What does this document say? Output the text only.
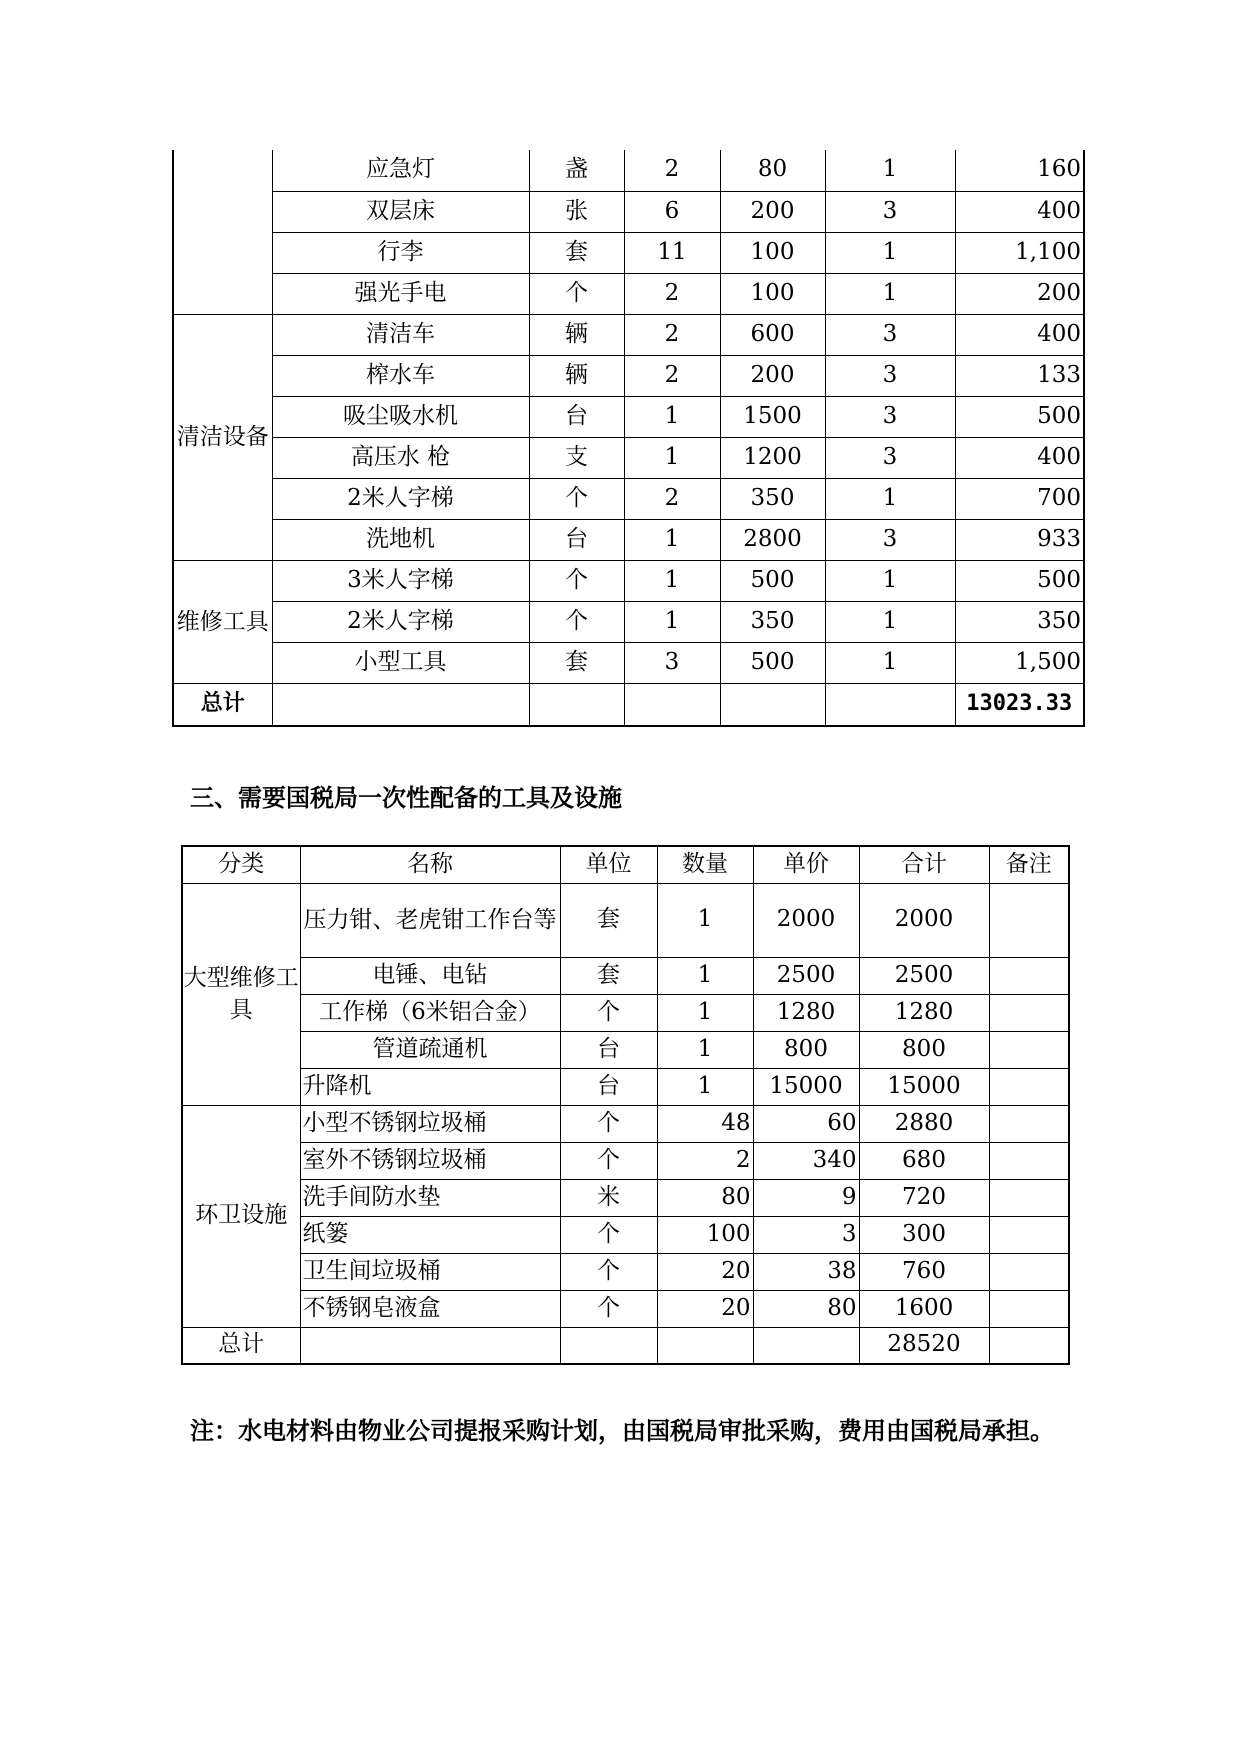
	应急灯	盏	2	80	1	160
	双层床	张	6	200	3	400
	行李	套	11	100	1	1,100
	强光手电	个	2	100	1	200
清洁设备	清洁车	辆	2	600	3	400
	榨水车	辆	2	200	3	133
	吸尘吸水机	台	1	1500	3	500
	高压水 枪	支	1	1200	3	400
	2米人字梯	个	2	350	1	700
	洗地机	台	1	2800	3	933
维修工具	3米人字梯	个	1	500	1	500
	2米人字梯	个	1	350	1	350
	小型工具	套	3	500	1	1,500
总计						13023.33

三、需要国税局一次性配备的工具及设施

分类	名称	单位	数量	单价	合计	备注
大型维修工具	压力钳、老虎钳工作台等	套	1	2000	2000	
	电锤、电钻	套	1	2500	2500	
	工作梯（6米铝合金）	个	1	1280	1280	
	管道疏通机	台	1	800	800	
	升降机	台	1	15000	15000	
环卫设施	小型不锈钢垃圾桶	个	48	60	2880	
	室外不锈钢垃圾桶	个	2	340	680	
	洗手间防水垫	米	80	9	720	
	纸篓	个	100	3	300	
	卫生间垃圾桶	个	20	38	760	
	不锈钢皂液盒	个	20	80	1600	
总计					28520	

注：水电材料由物业公司提报采购计划，由国税局审批采购，费用由国税局承担。
